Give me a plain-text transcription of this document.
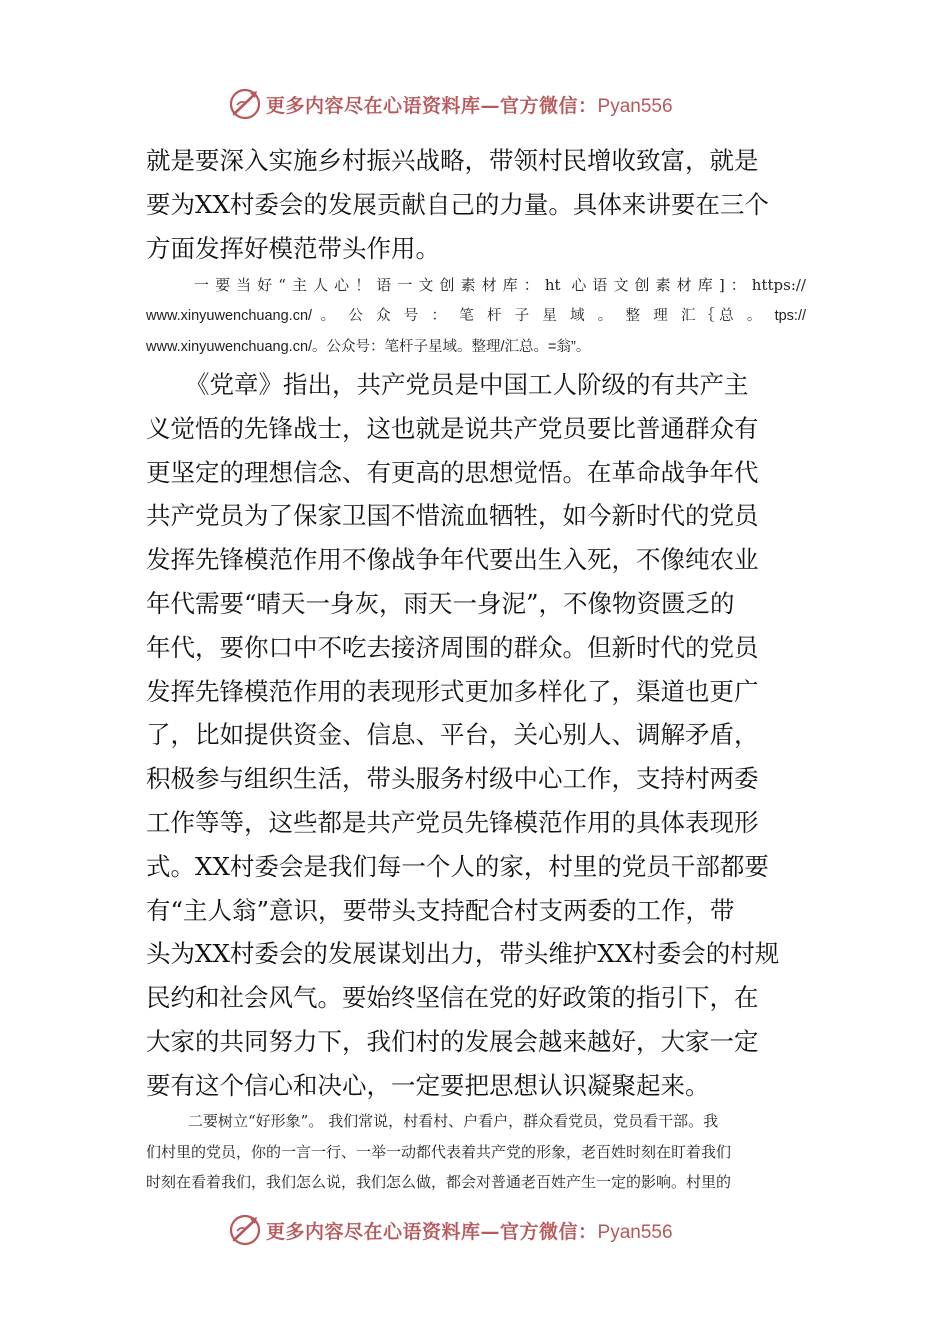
更多内容尽在心语资料库—官方微信：Pyan556
就是要深入实施乡村振兴战略，带领村民增收致富，就是
要为XX村委会的发展贡献自己的力量。具体来讲要在三个
方面发挥好模范带头作用。
一要当好“主人心！语一文创素材库：ht 心语文创素材库]：https://
www.xinyuwenchuang.cn/ 。 公 众 号 ： 笔 杆 子 星 域 。 整 理 汇｛总 。 tps://
www.xinyuwenchuang.cn/。公众号：笔杆子星域。整理/汇总。=翁”。
《党章》指出，共产党员是中国工人阶级的有共产主
义觉悟的先锋战士，这也就是说共产党员要比普通群众有
更坚定的理想信念、有更高的思想觉悟。在革命战争年代
共产党员为了保家卫国不惜流血牺牲，如今新时代的党员
发挥先锋模范作用不像战争年代要出生入死，不像纯农业
年代需要“晴天一身灰，雨天一身泥”，不像物资匮乏的
年代，要你口中不吃去接济周围的群众。但新时代的党员
发挥先锋模范作用的表现形式更加多样化了，渠道也更广
了，比如提供资金、信息、平台，关心别人、调解矛盾，
积极参与组织生活，带头服务村级中心工作，支持村两委
工作等等，这些都是共产党员先锋模范作用的具体表现形
式。XX村委会是我们每一个人的家，村里的党员干部都要
有“主人翁”意识，要带头支持配合村支两委的工作，带
头为XX村委会的发展谋划出力，带头维护XX村委会的村规
民约和社会风气。要始终坚信在党的好政策的指引下，在
大家的共同努力下，我们村的发展会越来越好，大家一定
要有这个信心和决心，一定要把思想认识凝聚起来。
二要树立“好形象”。 我们常说，村看村、户看户，群众看党员，党员看干部。我
们村里的党员，你的一言一行、一举一动都代表着共产党的形象，老百姓时刻在盯着我们
时刻在看着我们，我们怎么说，我们怎么做，都会对普通老百姓产生一定的影响。村里的
更多内容尽在心语资料库—官方微信：Pyan556
